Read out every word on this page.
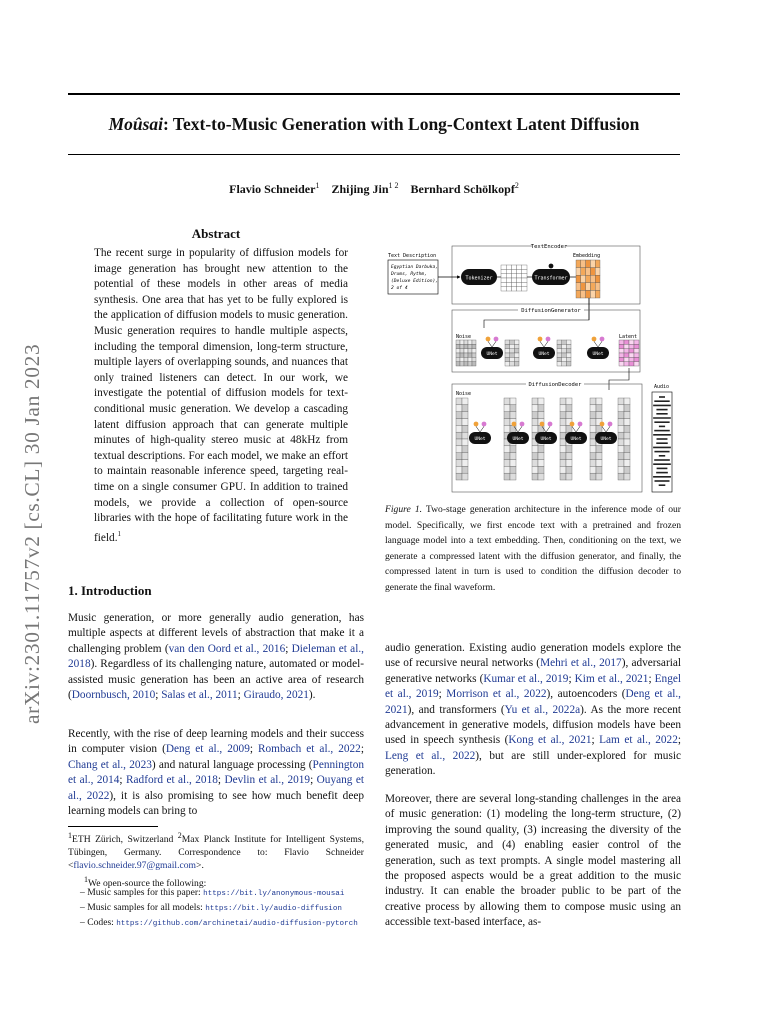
Moûsai: Text-to-Music Generation with Long-Context Latent Diffusion
Flavio Schneider$^1$ Zhijing Jin$^{1 2}$ Bernhard Schölkopf$^2$
arXiv:2301.11757v2 [cs.CL] 30 Jan 2023
Abstract
The recent surge in popularity of diffusion models for image generation has brought new attention to the potential of these models in other areas of media synthesis. One area that has yet to be fully explored is the application of diffusion models to music generation. Music generation requires to handle multiple aspects, including the temporal dimension, long-term structure, multiple layers of overlapping sounds, and nuances that only trained listeners can detect. In our work, we investigate the potential of diffusion models for text-conditional music generation. We develop a cascading latent diffusion approach that can generate multiple minutes of high-quality stereo music at 48kHz from textual descriptions. For each model, we make an effort to maintain reasonable inference speed, targeting real-time on a single consumer GPU. In addition to trained models, we provide a collection of open-source libraries with the hope of facilitating future work in the field.$^1$
1. Introduction
Music generation, or more generally audio generation, has multiple aspects at different levels of abstraction that make it a challenging problem (van den Oord et al., 2016; Dieleman et al., 2018). Regardless of its challenging nature, automated or model-assisted music generation has been an active area of research (Doornbusch, 2010; Salas et al., 2011; Giraudo, 2021).
Recently, with the rise of deep learning models and their success in computer vision (Deng et al., 2009; Rombach et al., 2022; Chang et al., 2023) and natural language processing (Pennington et al., 2014; Radford et al., 2018; Devlin et al., 2019; Ouyang et al., 2022), it is also promising to see how much benefit deep learning models can bring to
audio generation. Existing audio generation models explore the use of recursive neural networks (Mehri et al., 2017), adversarial generative networks (Kumar et al., 2019; Kim et al., 2021; Engel et al., 2019; Morrison et al., 2022), autoencoders (Deng et al., 2021), and transformers (Yu et al., 2022a). As the more recent advancement in generative models, diffusion models have been used in speech synthesis (Kong et al., 2021; Lam et al., 2022; Leng et al., 2022), but are still under-explored for music generation.
Moreover, there are several long-standing challenges in the area of music generation: (1) modeling the long-term structure, (2) improving the sound quality, (3) increasing the diversity of the generated music, and (4) enabling easier control of the generation, such as text prompts. A single model mastering all the proposed aspects would be a great addition to the music industry. It can enable the broader public to be part of the creative process by allowing them to compose music using an accessible text-based interface, as-
$^1$ETH Zürich, Switzerland $^2$Max Planck Institute for Intelligent Systems, Tübingen, Germany. Correspondence to: Flavio Schneider <flavio.schneider.97@gmail.com>.
$^1$We open-source the following:
– Music samples for this paper: https://bit.ly/anonymous-mousai
– Music samples for all models: https://bit.ly/audio-diffusion
– Codes: https://github.com/archinetai/audio-diffusion-pytorch
TextEncoder
Text Description
Egyptian Darbuka,
Drums, Rythm,
(Deluxe Edition),
2 of 4
Tokenizer	Transformer
Embedding
DiffusionGenerator
Noise	Latent
UNet	UNet	UNet
DiffusionDecoder
Noise
UNet	UNet	UNet	UNet	UNet
Audio
Figure 1. Two-stage generation architecture in the inference mode of our model. Specifically, we first encode text with a pretrained and frozen language model into a text embedding. Then, conditioning on the text, we generate a compressed latent with the diffusion generator, and finally, the compressed latent in turn is used to condition the diffusion decoder to generate the final waveform.
